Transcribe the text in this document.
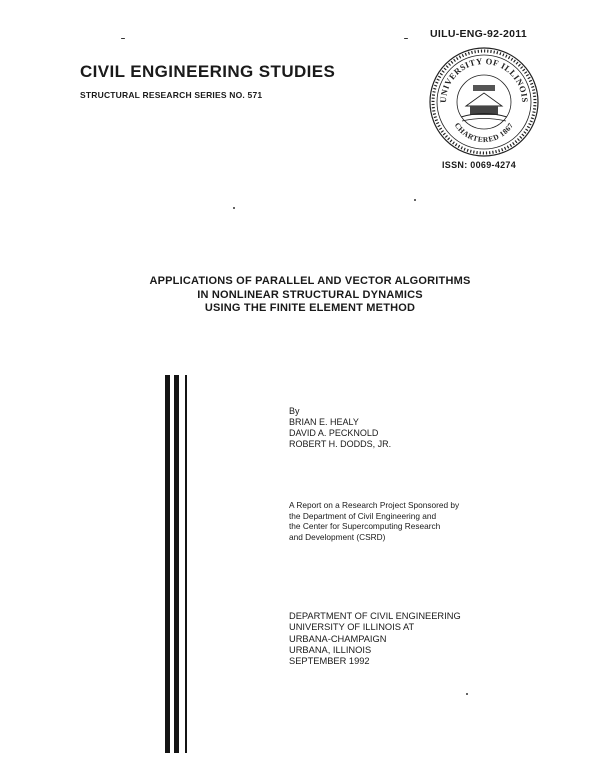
UILU-ENG-92-2011
CIVIL ENGINEERING STUDIES
STRUCTURAL RESEARCH SERIES NO. 571	UNIVERSITY OF ILLINOIS
CHARTERED 1867
ISSN: 0069-4274
APPLICATIONS OF PARALLEL AND VECTOR ALGORITHMS
IN NONLINEAR STRUCTURAL DYNAMICS
USING THE FINITE ELEMENT METHOD
By
BRIAN E. HEALY
DAVID A. PECKNOLD
ROBERT H. DODDS, JR.
A Report on a Research Project Sponsored by
the Department of Civil Engineering and
the Center for Supercomputing Research
and Development (CSRD)
DEPARTMENT OF CIVIL ENGINEERING
UNIVERSITY OF ILLINOIS AT
URBANA-CHAMPAIGN
URBANA, ILLINOIS
SEPTEMBER 1992
